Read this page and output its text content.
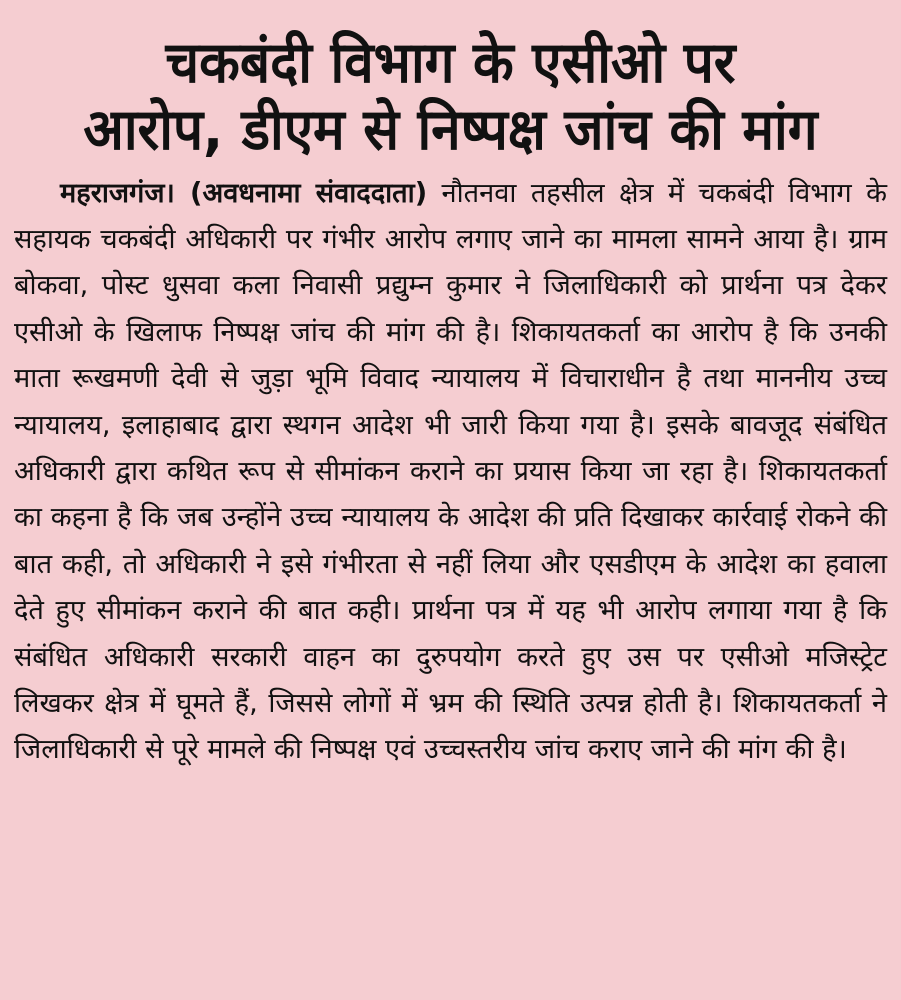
चकबंदी विभाग के एसीओ पर
आरोप, डीएम से निष्पक्ष जांच की मांग

महराजगंज। (अवधनामा संवाददाता) नौतनवा तहसील क्षेत्र में चकबंदी विभाग के सहायक चकबंदी अधिकारी पर गंभीर आरोप लगाए जाने का मामला सामने आया है। ग्राम बोकवा, पोस्ट धुसवा कला निवासी प्रद्युम्न कुमार ने जिलाधिकारी को प्रार्थना पत्र देकर एसीओ के खिलाफ निष्पक्ष जांच की मांग की है। शिकायतकर्ता का आरोप है कि उनकी माता रूखमणी देवी से जुड़ा भूमि विवाद न्यायालय में विचाराधीन है तथा माननीय उच्च न्यायालय, इलाहाबाद द्वारा स्थगन आदेश भी जारी किया गया है। इसके बावजूद संबंधित अधिकारी द्वारा कथित रूप से सीमांकन कराने का प्रयास किया जा रहा है। शिकायतकर्ता का कहना है कि जब उन्होंने उच्च न्यायालय के आदेश की प्रति दिखाकर कार्रवाई रोकने की बात कही, तो अधिकारी ने इसे गंभीरता से नहीं लिया और एसडीएम के आदेश का हवाला देते हुए सीमांकन कराने की बात कही। प्रार्थना पत्र में यह भी आरोप लगाया गया है कि संबंधित अधिकारी सरकारी वाहन का दुरुपयोग करते हुए उस पर एसीओ मजिस्ट्रेट लिखकर क्षेत्र में घूमते हैं, जिससे लोगों में भ्रम की स्थिति उत्पन्न होती है। शिकायतकर्ता ने जिलाधिकारी से पूरे मामले की निष्पक्ष एवं उच्चस्तरीय जांच कराए जाने की मांग की है।
